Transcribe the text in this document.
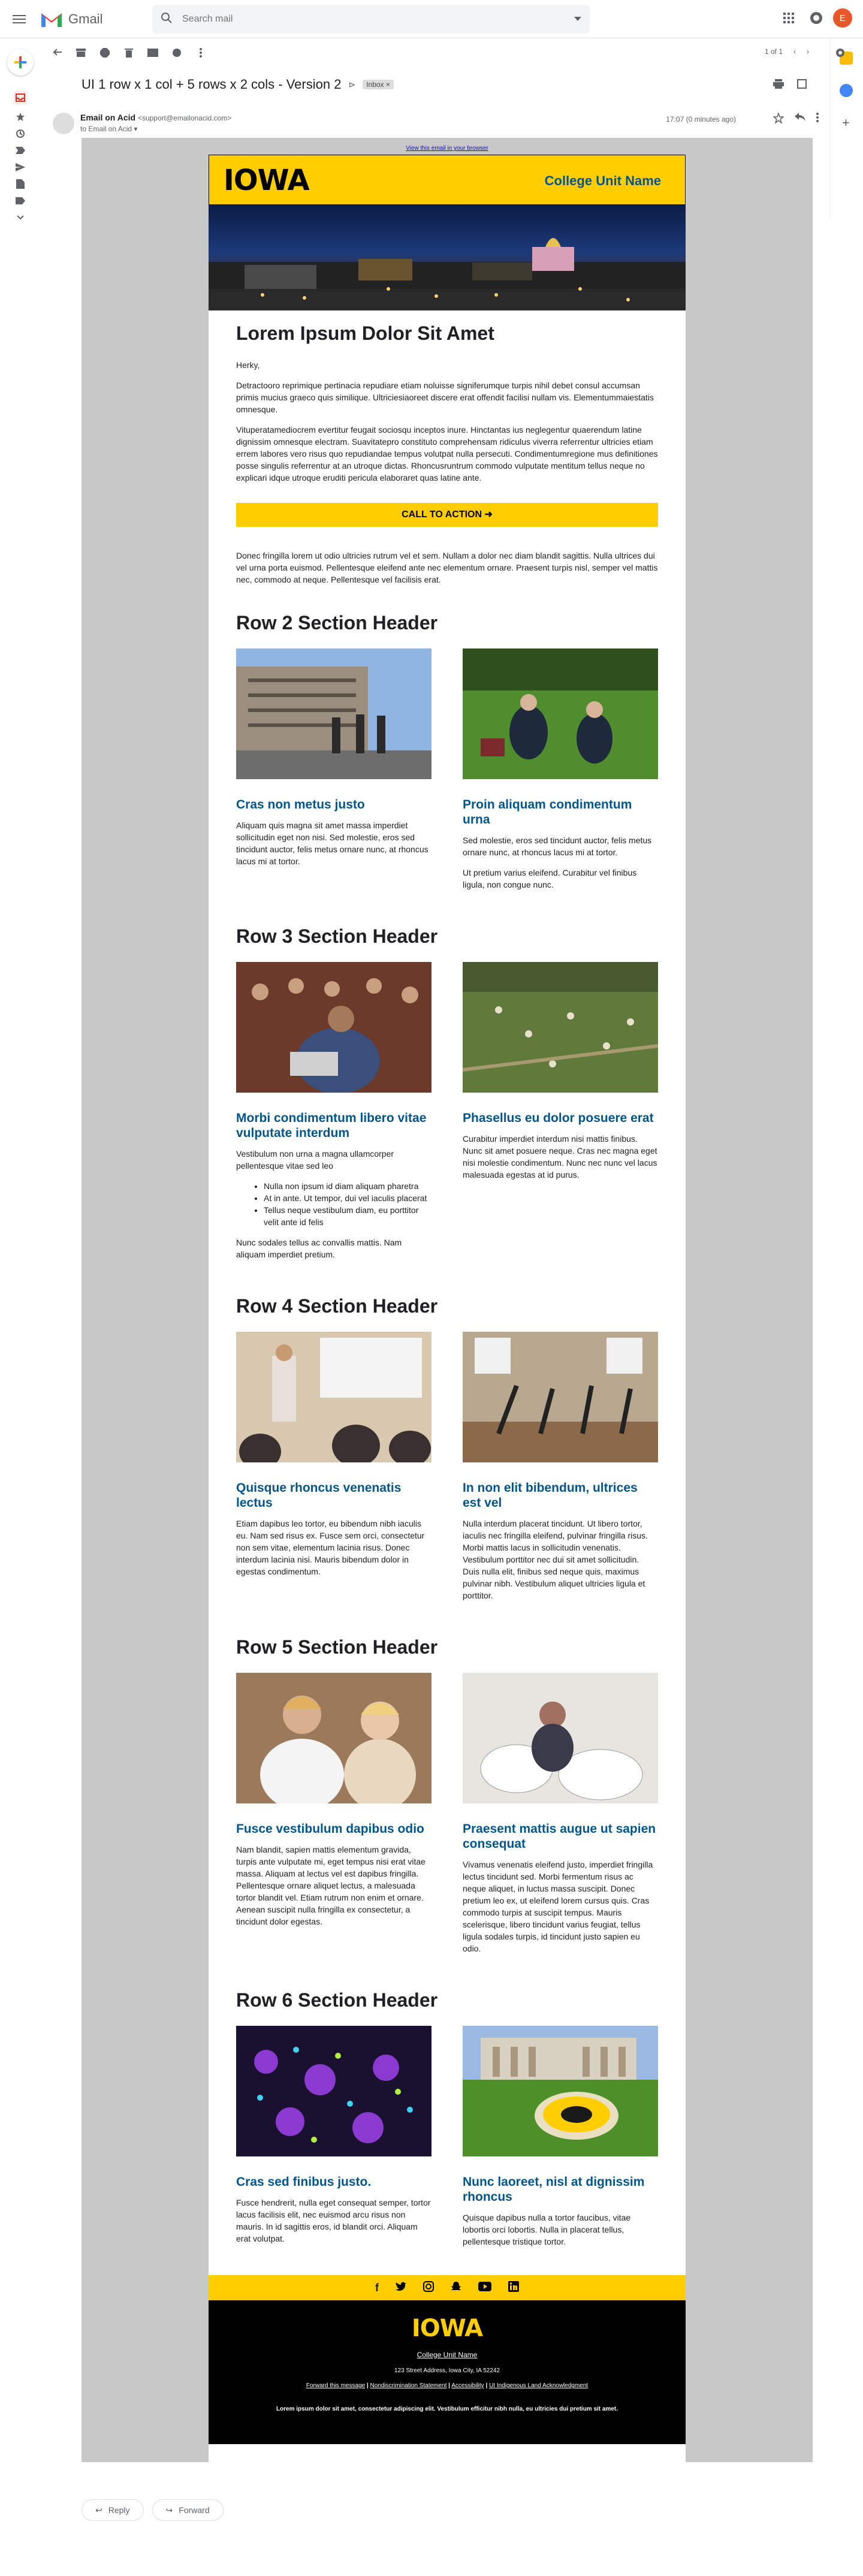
Gmail
Search mail	E
+
1 of 1 ‹ ›
UI 1 row x 1 col + 5 rows x 2 cols - Version 2 ⊳	Inbox ×
Email on Acid <support@emailonacid.com>
to Email on Acid ▾
17:07 (0 minutes ago)
View this email in your browser
IOWA	College Unit Name
Lorem Ipsum Dolor Sit Amet

Herky,

Detractooro reprimique pertinacia repudiare etiam noluisse signiferumque turpis nihil debet consul accumsan primis mucius graeco quis similique. Ultriciesiaoreet discere erat offendit facilisi nullam vis. Elementummaiestatis omnesque.

Vituperatamediocrem evertitur feugait sociosqu inceptos inure. Hinctantas ius neglegentur quaerendum latine dignissim omnesque electram. Suavitatepro constituto comprehensam ridiculus viverra referrentur ultricies etiam errem labores vero risus quo repudiandae tempus volutpat nulla persecuti. Condimentumregione mus definitiones posse singulis referrentur at an utroque dictas. Rhoncusruntrum commodo vulputate mentitum tellus neque no explicari idque utroque eruditi pericula elaboraret quas latine ante.

CALL TO ACTION ➜

Donec fringilla lorem ut odio ultricies rutrum vel et sem. Nullam a dolor nec diam blandit sagittis. Nulla ultrices dui vel urna porta euismod. Pellentesque eleifend ante nec elementum ornare. Praesent turpis nisl, semper vel mattis nec, commodo at neque. Pellentesque vel facilisis erat.

Row 2 Section Header
Cras non metus justo

Aliquam quis magna sit amet massa imperdiet sollicitudin eget non nisi. Sed molestie, eros sed tincidunt auctor, felis metus ornare nunc, at rhoncus lacus mi at tortor.

Proin aliquam condimentum urna

Sed molestie, eros sed tincidunt auctor, felis metus ornare nunc, at rhoncus lacus mi at tortor.

Ut pretium varius eleifend. Curabitur vel finibus ligula, non congue nunc.

Row 3 Section Header
Morbi condimentum libero vitae vulputate interdum

Vestibulum non urna a magna ullamcorper pellentesque vitae sed leo

• Nulla non ipsum id diam aliquam pharetra
• At in ante. Ut tempor, dui vel iaculis placerat
• Tellus neque vestibulum diam, eu porttitor velit ante id felis

Nunc sodales tellus ac convallis mattis. Nam aliquam imperdiet pretium.

Phasellus eu dolor posuere erat

Curabitur imperdiet interdum nisi mattis finibus. Nunc sit amet posuere neque. Cras nec magna eget nisi molestie condimentum. Nunc nec nunc vel lacus malesuada egestas at id purus.

Row 4 Section Header
Quisque rhoncus venenatis lectus

Etiam dapibus leo tortor, eu bibendum nibh iaculis eu. Nam sed risus ex. Fusce sem orci, consectetur non sem vitae, elementum lacinia risus. Donec interdum lacinia nisi. Mauris bibendum dolor in egestas condimentum.

In non elit bibendum, ultrices est vel

Nulla interdum placerat tincidunt. Ut libero tortor, iaculis nec fringilla eleifend, pulvinar fringilla risus. Morbi mattis lacus in sollicitudin venenatis. Vestibulum porttitor nec dui sit amet sollicitudin. Duis nulla elit, finibus sed neque quis, maximus pulvinar nibh. Vestibulum aliquet ultricies ligula et porttitor.

Row 5 Section Header
Fusce vestibulum dapibus odio

Nam blandit, sapien mattis elementum gravida, turpis ante vulputate mi, eget tempus nisi erat vitae massa. Aliquam at lectus vel est dapibus fringilla. Pellentesque ornare aliquet lectus, a malesuada tortor blandit vel. Etiam rutrum non enim et ornare. Aenean suscipit nulla fringilla ex consectetur, a tincidunt dolor egestas.

Praesent mattis augue ut sapien consequat

Vivamus venenatis eleifend justo, imperdiet fringilla lectus tincidunt sed. Morbi fermentum risus ac neque aliquet, in luctus massa suscipit. Donec pretium leo ex, ut eleifend lorem cursus quis. Cras commodo turpis at suscipit tempus. Mauris scelerisque, libero tincidunt varius feugiat, tellus ligula sodales turpis, id tincidunt justo sapien eu odio.

Row 6 Section Header
Cras sed finibus justo.

Fusce hendrerit, nulla eget consequat semper, tortor lacus facilisis elit, nec euismod arcu risus non mauris. In id sagittis eros, id blandit orci. Aliquam erat volutpat.

Nunc laoreet, nisl at dignissim rhoncus

Quisque dapibus nulla a tortor faucibus, vitae lobortis orci lobortis. Nulla in placerat tellus, pellentesque tristique tortor.

f
IOWA
College Unit Name
123 Street Address, Iowa City, IA 52242
Forward this message | Nondiscrimination Statement | Accessibility | UI Indigenous Land Acknowledgment
Lorem ipsum dolor sit amet, consectetur adipiscing elit. Vestibulum efficitur nibh nulla, eu ultricies dui pretium sit amet.
↩ Reply	↪ Forward
